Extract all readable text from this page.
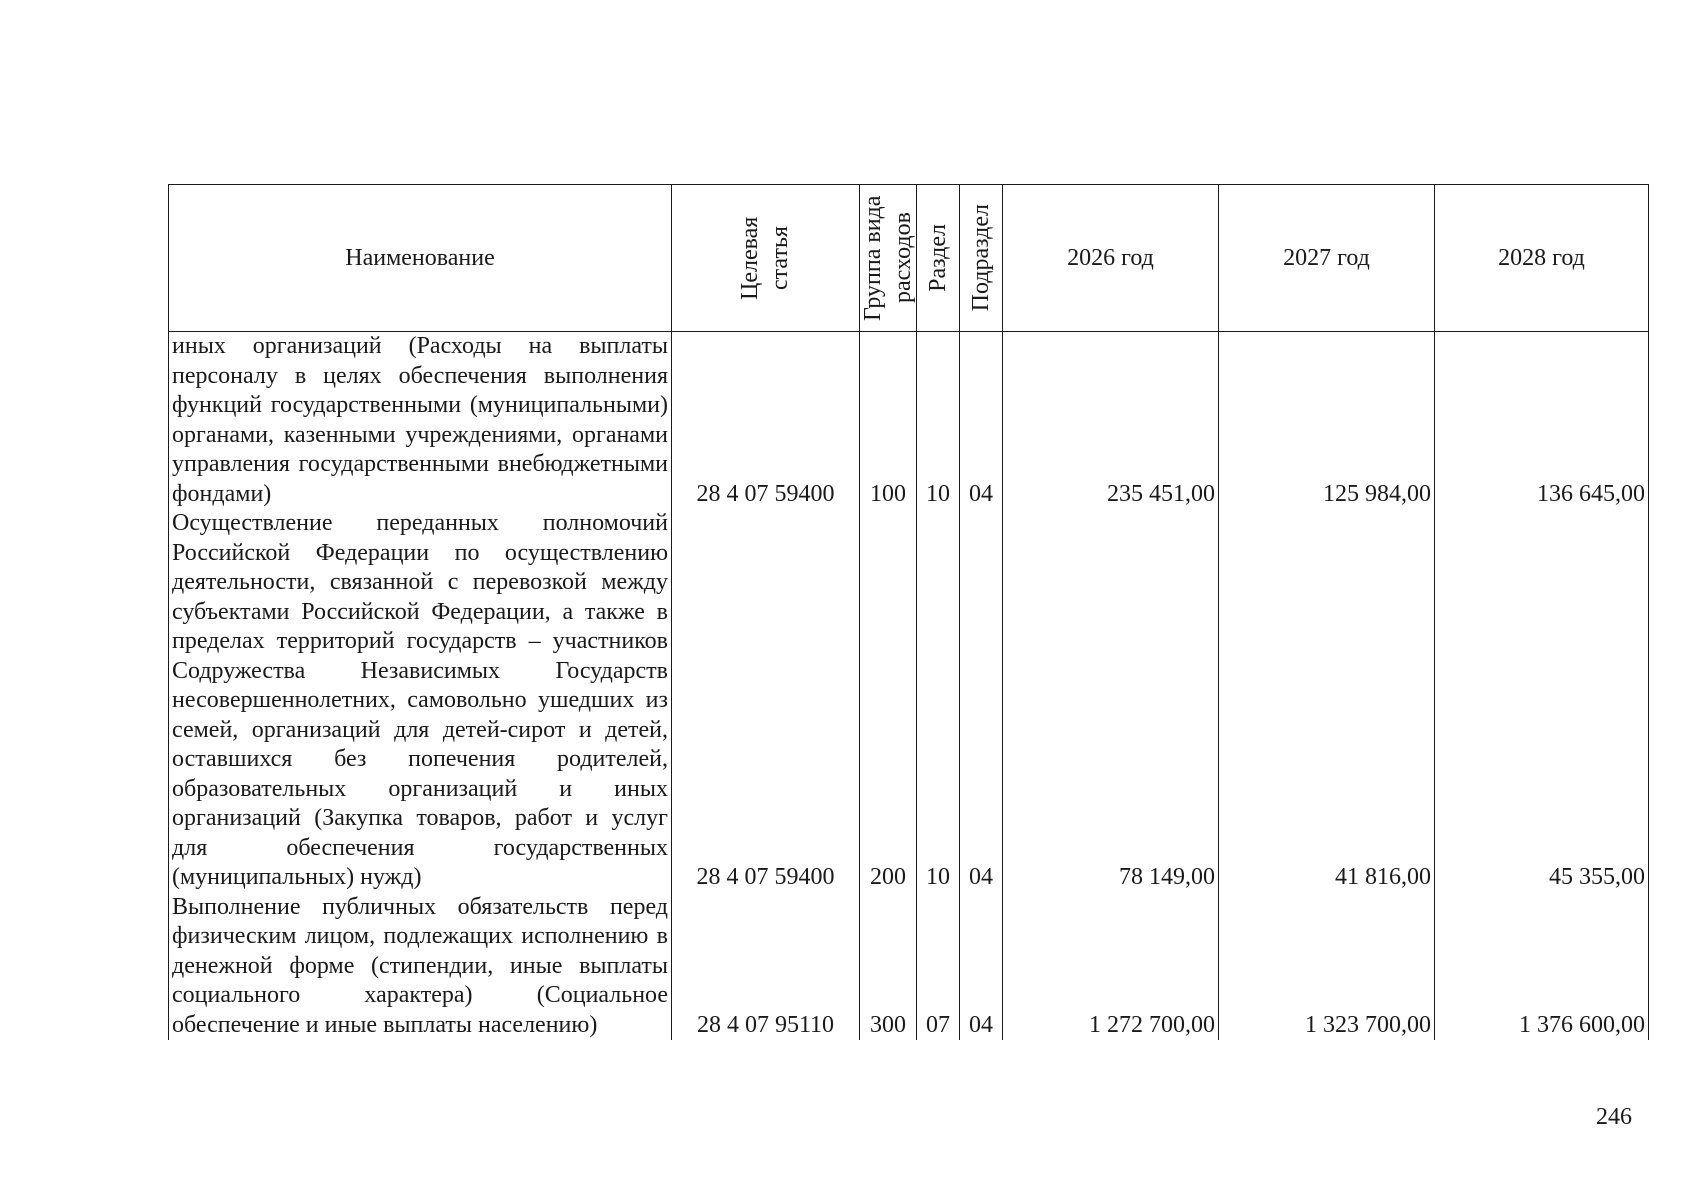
Наименование	Целевая статья	Группа вида расходов	Раздел	Подраздел	2026 год	2027 год	2028 год
иных организаций (Расходы на выплаты персоналу в целях обеспечения выполнения функций государственными (муниципальными) органами, казенными учреждениями, органами управления государственными внебюджетными фондами)	28 4 07 59400	100	10	04	235 451,00	125 984,00	136 645,00
Осуществление переданных полномочий Российской Федерации по осуществлению деятельности, связанной с перевозкой между субъектами Российской Федерации, а также в пределах территорий государств – участников Содружества Независимых Государств несовершеннолетних, самовольно ушедших из семей, организаций для детей-сирот и детей, оставшихся без попечения родителей, образовательных организаций и иных организаций (Закупка товаров, работ и услуг для обеспечения государственных (муниципальных) нужд)	28 4 07 59400	200	10	04	78 149,00	41 816,00	45 355,00
Выполнение публичных обязательств перед физическим лицом, подлежащих исполнению в денежной форме (стипендии, иные выплаты социального характера) (Социальное обеспечение и иные выплаты населению)	28 4 07 95110	300	07	04	1 272 700,00	1 323 700,00	1 376 600,00
246
